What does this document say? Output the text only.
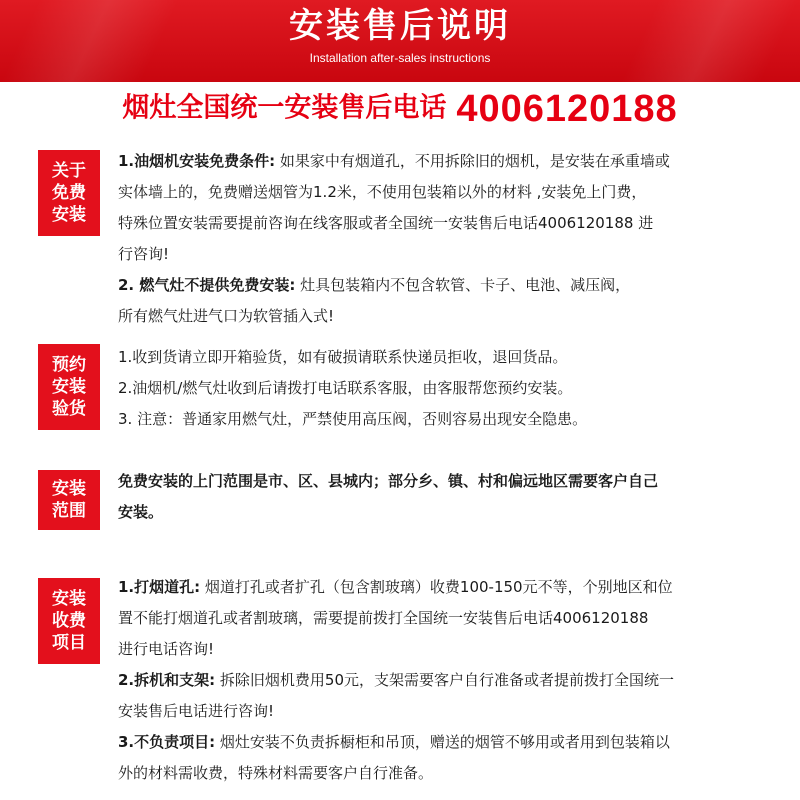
安装售后说明
Installation after-sales instructions
烟灶全国统一安装售后电话 4006120188
关于
免费
安装

1.油烟机安装免费条件: 如果家中有烟道孔，不用拆除旧的烟机，是安装在承重墙或

实体墙上的，免费赠送烟管为1.2米，不使用包装箱以外的材料 ,安装免上门费，

特殊位置安装需要提前咨询在线客服或者全国统一安装售后电话4006120188 进

行咨询!

2. 燃气灶不提供免费安装: 灶具包装箱内不包含软管、卡子、电池、减压阀，

所有燃气灶进气口为软管插入式!

预约
安装
验货

1.收到货请立即开箱验货，如有破损请联系快递员拒收，退回货品。

2.油烟机/燃气灶收到后请拨打电话联系客服，由客服帮您预约安装。

3. 注意：普通家用燃气灶，严禁使用高压阀，否则容易出现安全隐患。

安装
范围

免费安装的上门范围是市、区、县城内；部分乡、镇、村和偏远地区需要客户自己

安装。

安装
收费
项目

1.打烟道孔: 烟道打孔或者扩孔（包含割玻璃）收费100-150元不等，个别地区和位

置不能打烟道孔或者割玻璃，需要提前拨打全国统一安装售后电话4006120188

进行电话咨询!

2.拆机和支架: 拆除旧烟机费用50元，支架需要客户自行准备或者提前拨打全国统一

安装售后电话进行咨询!

3.不负责项目: 烟灶安装不负责拆橱柜和吊顶，赠送的烟管不够用或者用到包装箱以

外的材料需收费，特殊材料需要客户自行准备。
